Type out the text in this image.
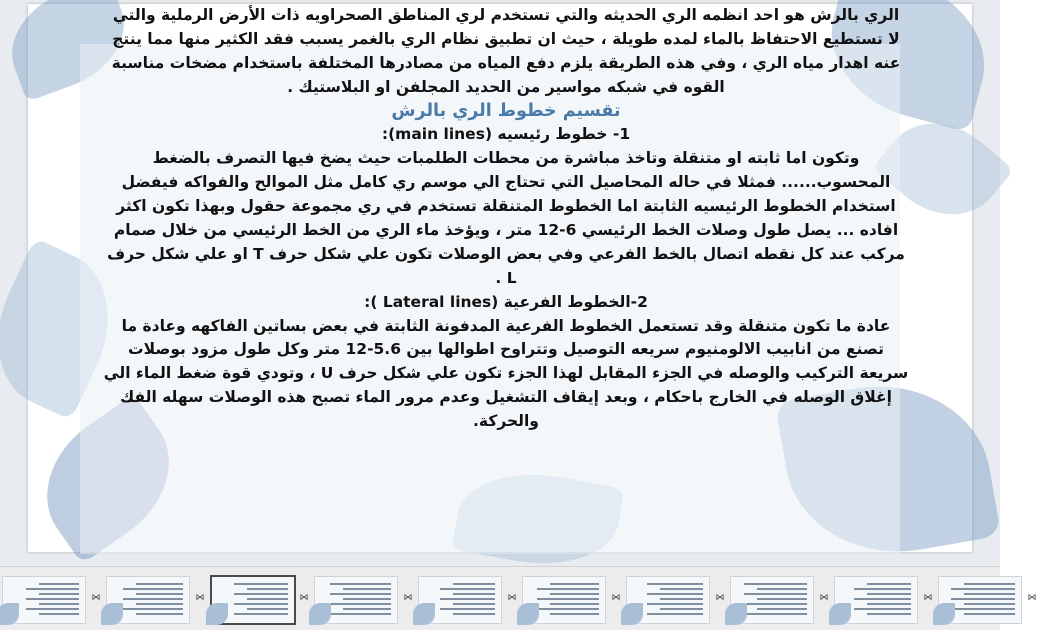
الري بالرش هو احد انظمه الري الحديثه والتي تستخدم لري المناطق الصحراويه ذات الأرض الرملية والتي
لا تستطيع الاحتفاظ بالماء لمده طويلة ، حيث ان تطبيق نظام الري بالغمر يسبب فقد الكثير منها مما ينتج
عنه اهدار مياه الري ، وفي هذه الطريقة يلزم دفع المياه من مصادرها المختلفة باستخدام مضخات مناسبة
القوه في شبكه مواسير من الحديد المجلفن او البلاستيك .
تقسيم خطوط الري بالرش
1- خطوط رئيسيه (main lines):
وتكون اما ثابته او متنقلة وتاخذ مباشرة من محطات الطلمبات حيث يضخ فيها التصرف بالضغط
المحسوب...... فمثلا في حاله المحاصيل التي تحتاج الي موسم ري كامل مثل الموالح والفواكه فيفضل
استخدام الخطوط الرئيسيه الثابتة اما الخطوط المتنقلة تستخدم في ري مجموعة حقول وبهذا تكون اكثر
افاده ... يصل طول وصلات الخط الرئيسي 6-12 متر ، ويؤخذ ماء الري من الخط الرئيسي من خلال صمام
مركب عند كل نقطه اتصال بالخط الفرعي وفي بعض الوصلات تكون علي شكل حرف T او علي شكل حرف
L .
2-الخطوط الفرعية (Lateral lines ):
عادة ما تكون متنقلة وقد تستعمل الخطوط الفرعية المدفونة الثابتة في بعض بساتين الفاكهه وعادة ما
تصنع من انابيب الالومنيوم سريعه التوصيل وتتراوح اطوالها بين 5.6-12 متر وكل طول مزود بوصلات
سريعة التركيب والوصله في الجزء المقابل لهذا الجزء تكون علي شكل حرف U ، وتودي قوة ضغط الماء الي
إغلاق الوصله في الخارج باحكام ، وبعد إيقاف التشغيل وعدم مرور الماء تصبح هذه الوصلات سهله الفك
والحركة.
⋈	⋈	⋈	⋈	⋈	⋈	⋈	⋈	⋈	⋈
